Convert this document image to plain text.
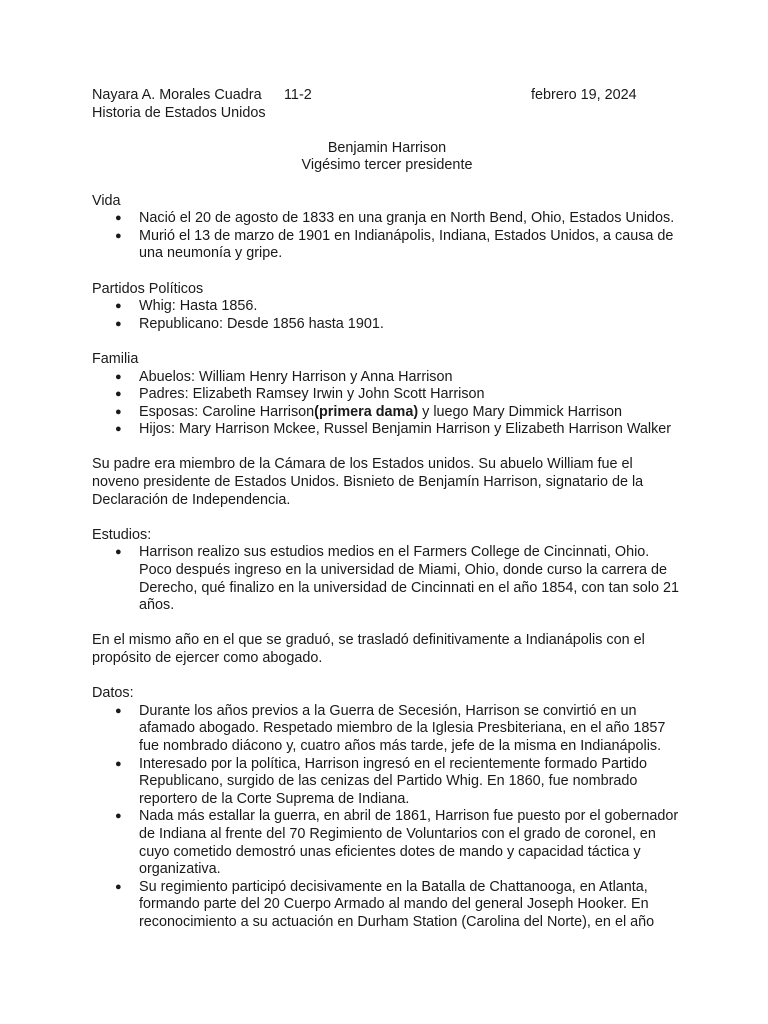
Nayara A. Morales Cuadra 11-2	febrero 19, 2024
Historia de Estados Unidos
Benjamin Harrison
Vigésimo tercer presidente
Vida
● Nació el 20 de agosto de 1833 en una granja en North Bend, Ohio, Estados Unidos.
● Murió el 13 de marzo de 1901 en Indianápolis, Indiana, Estados Unidos, a causa de una neumonía y gripe.
Partidos Políticos
● Whig: Hasta 1856.
● Republicano: Desde 1856 hasta 1901.
Familia
● Abuelos: William Henry Harrison y Anna Harrison
● Padres: Elizabeth Ramsey Irwin y John Scott Harrison
● Esposas: Caroline Harrison(primera dama) y luego Mary Dimmick Harrison
● Hijos: Mary Harrison Mckee, Russel Benjamin Harrison y Elizabeth Harrison Walker

Su padre era miembro de la Cámara de los Estados unidos. Su abuelo William fue el noveno presidente de Estados Unidos. Bisnieto de Benjamín Harrison, signatario de la Declaración de Independencia.

Estudios:
● Harrison realizo sus estudios medios en el Farmers College de Cincinnati, Ohio. Poco después ingreso en la universidad de Miami, Ohio, donde curso la carrera de Derecho, qué finalizo en la universidad de Cincinnati en el año 1854, con tan solo 21 años.

En el mismo año en el que se graduó, se trasladó definitivamente a Indianápolis con el propósito de ejercer como abogado.

Datos:
● Durante los años previos a la Guerra de Secesión, Harrison se convirtió en un afamado abogado. Respetado miembro de la Iglesia Presbiteriana, en el año 1857 fue nombrado diácono y, cuatro años más tarde, jefe de la misma en Indianápolis.
● Interesado por la política, Harrison ingresó en el recientemente formado Partido Republicano, surgido de las cenizas del Partido Whig. En 1860, fue nombrado reportero de la Corte Suprema de Indiana.
● Nada más estallar la guerra, en abril de 1861, Harrison fue puesto por el gobernador de Indiana al frente del 70 Regimiento de Voluntarios con el grado de coronel, en cuyo cometido demostró unas eficientes dotes de mando y capacidad táctica y organizativa.
● Su regimiento participó decisivamente en la Batalla de Chattanooga, en Atlanta, formando parte del 20 Cuerpo Armado al mando del general Joseph Hooker. En reconocimiento a su actuación en Durham Station (Carolina del Norte), en el año
